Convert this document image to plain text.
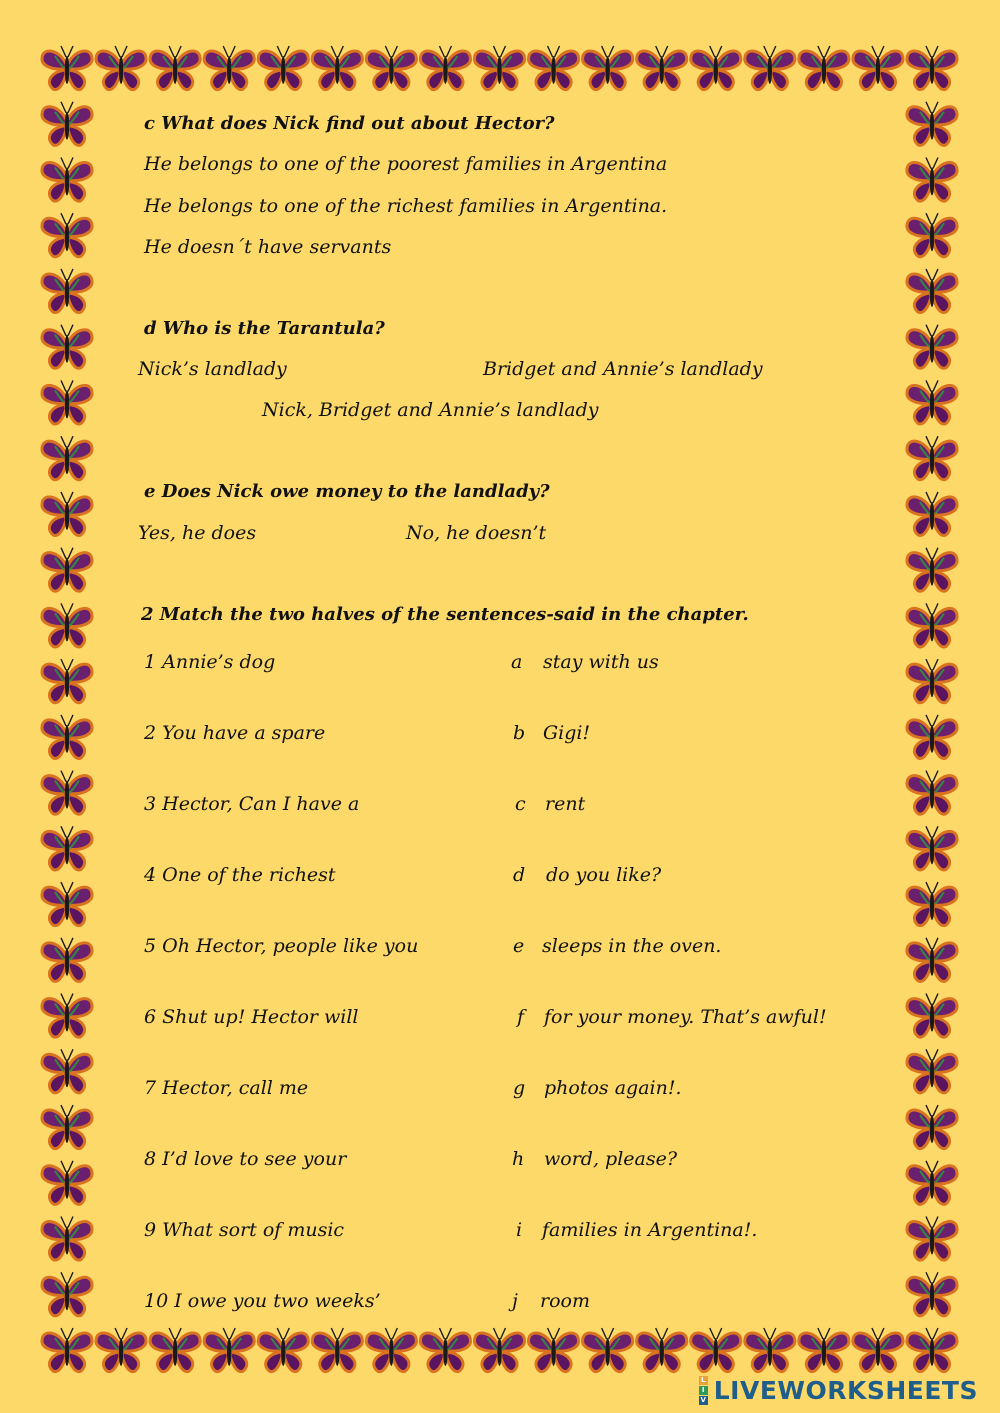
c What does Nick find out about Hector?

He belongs to one of the poorest families in Argentina

He belongs to one of the richest families in Argentina.

He doesn´t have servants

d Who is the Tarantula?

Nick’s landlady	Bridget and Annie’s landlady

Nick, Bridget and Annie’s landlady

e Does Nick owe money to the landlady?

Yes, he does	No, he doesn’t

2 Match the two halves of the sentences-said in the chapter.

1 Annie’s dog

2 You have a spare

3 Hector, Can I have a

4 One of the richest

5 Oh Hector, people like you

6 Shut up! Hector will

7 Hector, call me

8 I’d love to see your

9 What sort of music

10 I owe you two weeks’

a stay with us

b Gigi!

c rent

d do you like?

e sleeps in the oven.

f for your money. That’s awful!

g photos again!.

h word, please?

i families in Argentina!.

j room

L
I
V LIVEWORKSHEETS
